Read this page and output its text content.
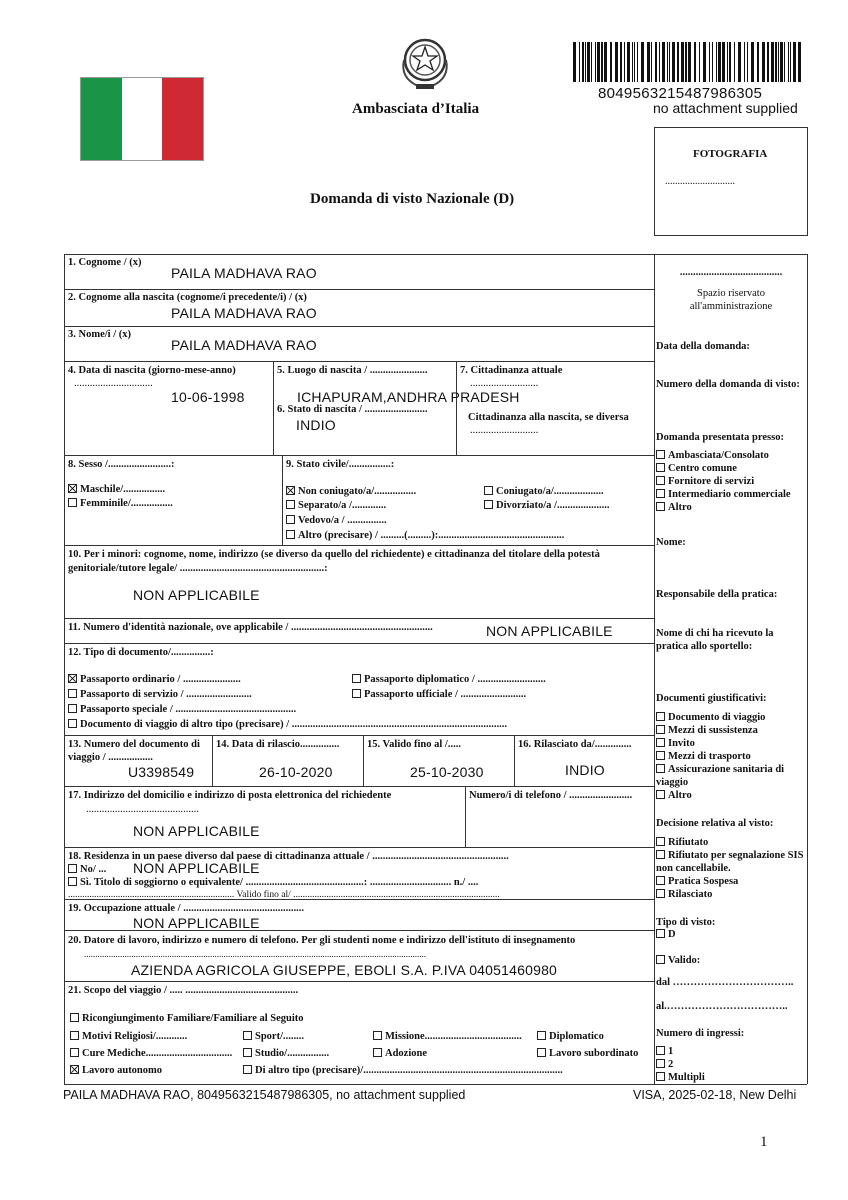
Ambasciata d’Italia
8049563215487986305
no attachment supplied
FOTOGRAFIA
............................
Domanda di visto Nazionale (D)
1. Cognome / (x)
PAILA MADHAVA RAO
2. Cognome alla nascita (cognome/i precedente/i) / (x)
PAILA MADHAVA RAO
3. Nome/i / (x)
PAILA MADHAVA RAO
4. Data di nascita (giorno-mese-anno)
..............................
10-06-1998
5. Luogo di nascita / ......................
ICHAPURAM,ANDHRA PRADESH
6. Stato di nascita / ........................
INDIO
7. Cittadinanza attuale
..........................
Cittadinanza alla nascita, se diversa
..........................
8. Sesso /........................:
Maschile/................
Femminile/................
9. Stato civile/................:
Non coniugato/a/................	Coniugato/a/...................
Separato/a /.............	Divorziato/a /....................
Vedovo/a / ...............
Altro (precisare) / .........(.........):................................................
10. Per i minori: cognome, nome, indirizzo (se diverso da quello del richiedente) e cittadinanza del titolare della potestà
genitoriale/tutore legale/ .......................................................:
NON APPLICABILE
11. Numero d'identità nazionale, ove applicabile / ......................................................	NON APPLICABILE
12. Tipo di documento/...............:
Passaporto ordinario / ......................	Passaporto diplomatico / ..........................
Passaporto di servizio / .........................	Passaporto ufficiale / .........................
Passaporto speciale / ..............................................
Documento di viaggio di altro tipo (precisare) / ..................................................................................
13. Numero del documento di
viaggio / .................
U3398549
14. Data di rilascio...............
26-10-2020
15. Valido fino al /.....
25-10-2030
16. Rilasciato da/..............
INDIO
17. Indirizzo del domicilio e indirizzo di posta elettronica del richiedente
...........................................
NON APPLICABILE
Numero/i di telefono / ........................
18. Residenza in un paese diverso dal paese di cittadinanza attuale / ....................................................
No/ ... NON APPLICABILE
Sì. Titolo di soggiorno o equivalente/ .............................................: ............................... n./ ....
...................................................................... Valido fino al/ .......................................................................................
19. Occupazione attuale / ..............................................
NON APPLICABILE
20. Datore di lavoro, indirizzo e numero di telefono. Per gli studenti nome e indirizzo dell'istituto di insegnamento
........................................................................................................................................................
AZIENDA AGRICOLA GIUSEPPE, EBOLI S.A. P.IVA 04051460980
21. Scopo del viaggio / ..... ...........................................
Ricongiungimento Familiare/Familiare al Seguito
Motivi Religiosi/............	Sport/........	Missione.....................................	Diplomatico
Cure Mediche.................................	Studio/................	Adozione	Lavoro subordinato
Lavoro autonomo	Di altro tipo (precisare)/............................................................................
.......................................
Spazio riservato all'amministrazione
Data della domanda:
Numero della domanda di visto:
Domanda presentata presso:
Ambasciata/Consolato
Centro comune
Fornitore di servizi
Intermediario commerciale
Altro
Nome:
Responsabile della pratica:
Nome di chi ha ricevuto la pratica allo sportello:
Documenti giustificativi:
Documento di viaggio
Mezzi di sussistenza
Invito
Mezzi di trasporto
Assicurazione sanitaria di viaggio
Altro
Decisione relativa al visto:
Rifiutato
Rifiutato per segnalazione SIS non cancellabile.
Pratica Sospesa
Rilasciato
Tipo di visto:
D
Valido:
dal ……………………………..
al.……………………………..
Numero di ingressi:
1
2
Multipli
PAILA MADHAVA RAO, 8049563215487986305, no attachment supplied	VISA, 2025-02-18, New Delhi
1
